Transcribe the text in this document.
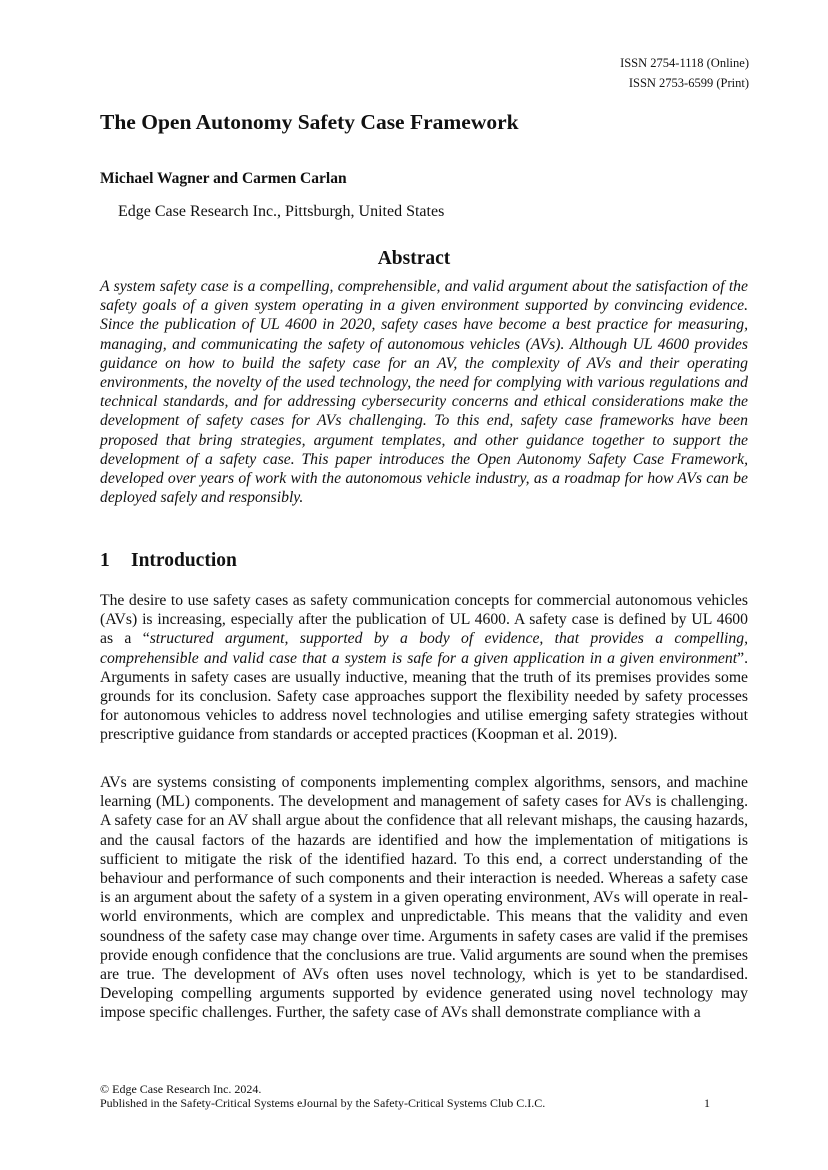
ISSN 2754-1118 (Online)
ISSN 2753-6599 (Print)
The Open Autonomy Safety Case Framework
Michael Wagner and Carmen Carlan
Edge Case Research Inc., Pittsburgh, United States
Abstract

A system safety case is a compelling, comprehensible, and valid argument about the satisfaction of the safety goals of a given system operating in a given environment supported by convincing evidence. Since the publication of UL 4600 in 2020, safety cases have become a best practice for measuring, managing, and communicating the safety of autonomous vehicles (AVs). Although UL 4600 provides guidance on how to build the safety case for an AV, the complexity of AVs and their operating environments, the novelty of the used technology, the need for complying with various regulations and technical standards, and for addressing cybersecurity concerns and ethical considerations make the development of safety cases for AVs challenging. To this end, safety case frameworks have been proposed that bring strategies, argument templates, and other guidance together to support the development of a safety case. This paper introduces the Open Autonomy Safety Case Framework, developed over years of work with the autonomous vehicle industry, as a roadmap for how AVs can be deployed safely and responsibly.

1 Introduction

The desire to use safety cases as safety communication concepts for commercial autonomous vehicles (AVs) is increasing, especially after the publication of UL 4600. A safety case is defined by UL 4600 as a “structured argument, supported by a body of evidence, that provides a compelling, comprehensible and valid case that a system is safe for a given application in a given environment”. Arguments in safety cases are usually inductive, meaning that the truth of its premises provides some grounds for its conclusion. Safety case approaches support the flexibility needed by safety processes for autonomous vehicles to address novel technologies and utilise emerging safety strategies without prescriptive guidance from standards or accepted practices (Koopman et al. 2019).

AVs are systems consisting of components implementing complex algorithms, sensors, and machine learning (ML) components. The development and management of safety cases for AVs is challenging. A safety case for an AV shall argue about the confidence that all relevant mishaps, the causing hazards, and the causal factors of the hazards are identified and how the implementation of mitigations is sufficient to mitigate the risk of the identified hazard. To this end, a correct understanding of the behaviour and performance of such components and their interaction is needed. Whereas a safety case is an argument about the safety of a system in a given operating environment, AVs will operate in real-world environments, which are complex and unpredictable. This means that the validity and even soundness of the safety case may change over time. Arguments in safety cases are valid if the premises provide enough confidence that the conclusions are true. Valid arguments are sound when the premises are true. The development of AVs often uses novel technology, which is yet to be standardised. Developing compelling arguments supported by evidence generated using novel technology may impose specific challenges. Further, the safety case of AVs shall demonstrate compliance with a

© Edge Case Research Inc. 2024.
Published in the Safety-Critical Systems eJournal by the Safety-Critical Systems Club C.I.C.	1
